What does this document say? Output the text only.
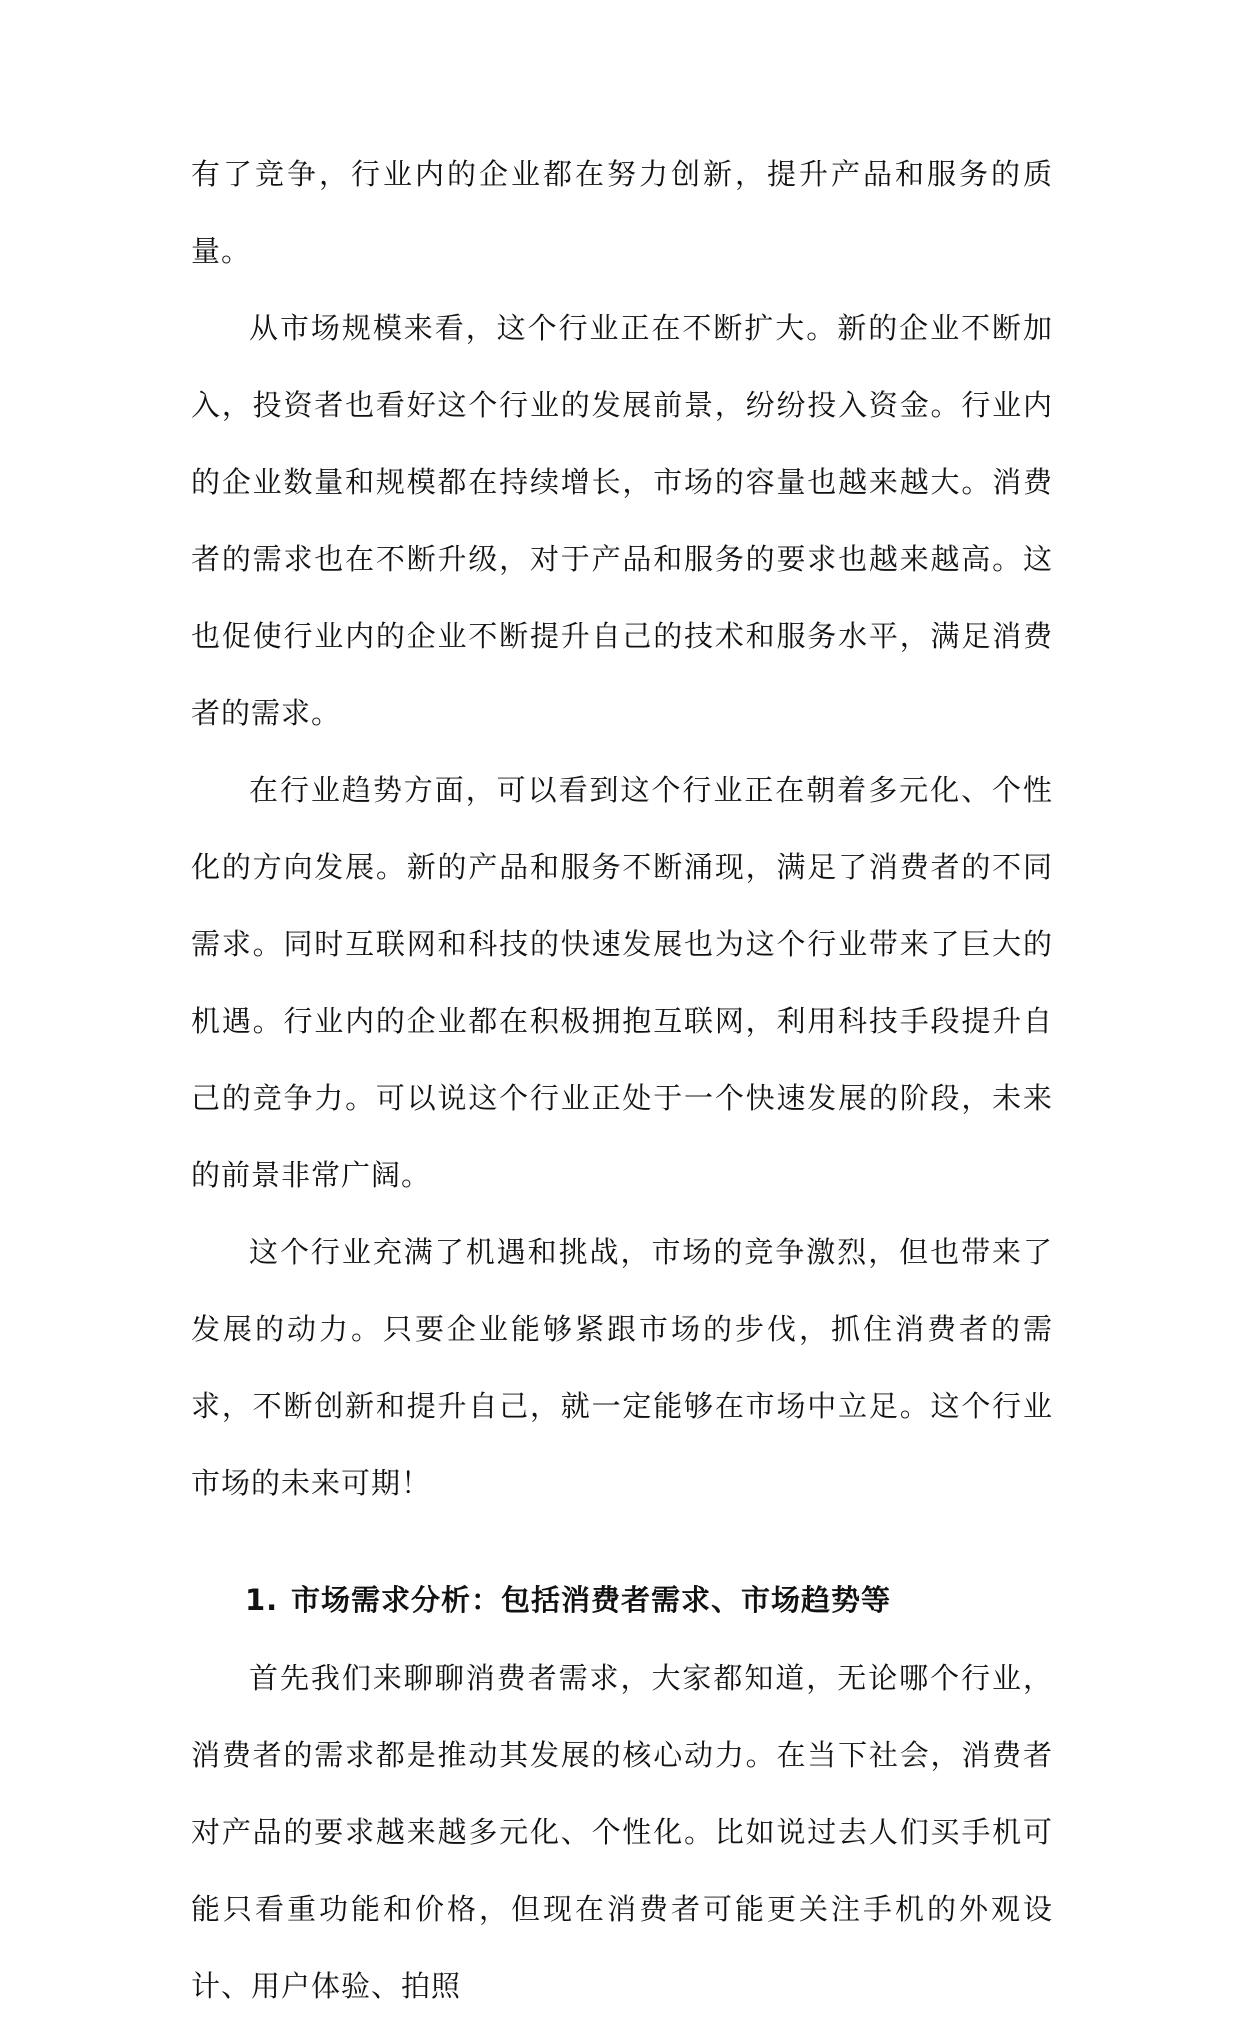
有了竞争，行业内的企业都在努力创新，提升产品和服务的质量。

从市场规模来看，这个行业正在不断扩大。新的企业不断加入，投资者也看好这个行业的发展前景，纷纷投入资金。行业内的企业数量和规模都在持续增长，市场的容量也越来越大。消费者的需求也在不断升级，对于产品和服务的要求也越来越高。这也促使行业内的企业不断提升自己的技术和服务水平，满足消费者的需求。

在行业趋势方面，可以看到这个行业正在朝着多元化、个性化的方向发展。新的产品和服务不断涌现，满足了消费者的不同需求。同时互联网和科技的快速发展也为这个行业带来了巨大的机遇。行业内的企业都在积极拥抱互联网，利用科技手段提升自己的竞争力。可以说这个行业正处于一个快速发展的阶段，未来的前景非常广阔。

这个行业充满了机遇和挑战，市场的竞争激烈，但也带来了发展的动力。只要企业能够紧跟市场的步伐，抓住消费者的需求，不断创新和提升自己，就一定能够在市场中立足。这个行业市场的未来可期！

1. 市场需求分析：包括消费者需求、市场趋势等

首先我们来聊聊消费者需求，大家都知道，无论哪个行业，消费者的需求都是推动其发展的核心动力。在当下社会，消费者对产品的要求越来越多元化、个性化。比如说过去人们买手机可能只看重功能和价格，但现在消费者可能更关注手机的外观设计、用户体验、拍照
